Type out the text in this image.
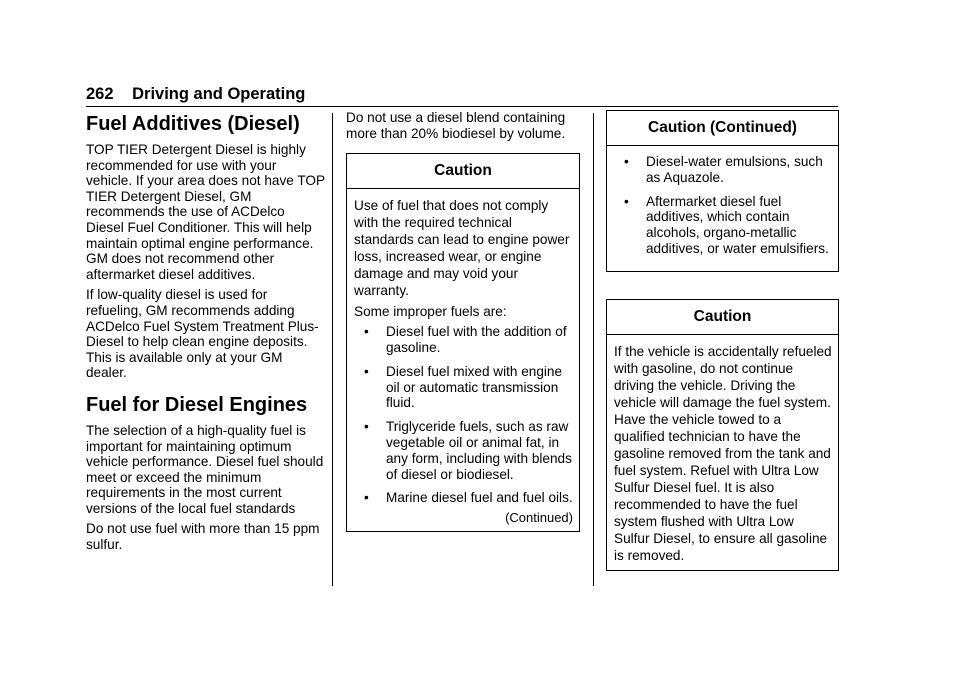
262 Driving and Operating
Fuel Additives (Diesel)

TOP TIER Detergent Diesel is highly recommended for use with your vehicle. If your area does not have TOP TIER Detergent Diesel, GM recommends the use of ACDelco Diesel Fuel Conditioner. This will help maintain optimal engine performance. GM does not recommend other aftermarket diesel additives.

If low-quality diesel is used for refueling, GM recommends adding ACDelco Fuel System Treatment Plus-Diesel to help clean engine deposits. This is available only at your GM dealer.

Fuel for Diesel Engines

The selection of a high-quality fuel is important for maintaining optimum vehicle performance. Diesel fuel should meet or exceed the minimum requirements in the most current versions of the local fuel standards

Do not use fuel with more than 15 ppm sulfur.

Do not use a diesel blend containing more than 20% biodiesel by volume.

Caution

Use of fuel that does not comply with the required technical standards can lead to engine power loss, increased wear, or engine damage and may void your warranty.

Some improper fuels are:

• Diesel fuel with the addition of gasoline.
• Diesel fuel mixed with engine oil or automatic transmission fluid.
• Triglyceride fuels, such as raw vegetable oil or animal fat, in any form, including with blends of diesel or biodiesel.
• Marine diesel fuel and fuel oils.
(Continued)
Caution (Continued)
• Diesel-water emulsions, such as Aquazole.
• Aftermarket diesel fuel additives, which contain alcohols, organo-metallic additives, or water emulsifiers.
Caution

If the vehicle is accidentally refueled with gasoline, do not continue driving the vehicle. Driving the vehicle will damage the fuel system. Have the vehicle towed to a qualified technician to have the gasoline removed from the tank and fuel system. Refuel with Ultra Low Sulfur Diesel fuel. It is also recommended to have the fuel system flushed with Ultra Low Sulfur Diesel, to ensure all gasoline is removed.
